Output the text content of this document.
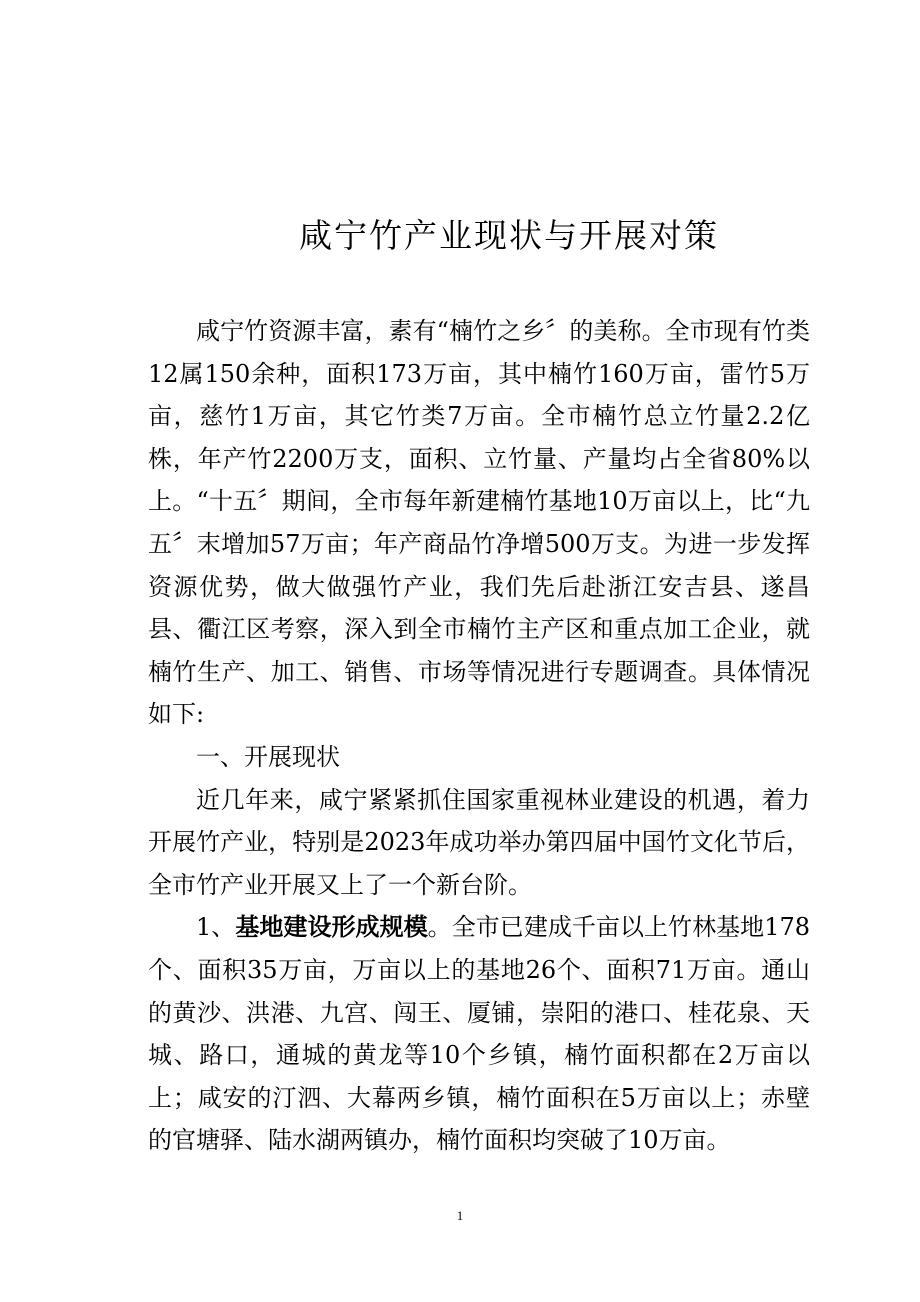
咸宁竹产业现状与开展对策

咸宁竹资源丰富，素有“楠竹之乡〞的美称。全市现有竹类12属150余种，面积173万亩，其中楠竹160万亩，雷竹5万亩，慈竹1万亩，其它竹类7万亩。全市楠竹总立竹量2.2亿株，年产竹2200万支，面积、立竹量、产量均占全省80%以上。“十五〞期间，全市每年新建楠竹基地10万亩以上，比“九五〞末增加57万亩；年产商品竹净增500万支。为进一步发挥资源优势，做大做强竹产业，我们先后赴浙江安吉县、遂昌县、衢江区考察，深入到全市楠竹主产区和重点加工企业，就楠竹生产、加工、销售、市场等情况进行专题调查。具体情况如下:

一、开展现状

近几年来，咸宁紧紧抓住国家重视林业建设的机遇，着力开展竹产业，特别是2023年成功举办第四届中国竹文化节后，全市竹产业开展又上了一个新台阶。

1、基地建设形成规模。全市已建成千亩以上竹林基地178个、面积35万亩，万亩以上的基地26个、面积71万亩。通山的黄沙、洪港、九宫、闯王、厦铺，崇阳的港口、桂花泉、天城、路口，通城的黄龙等10个乡镇，楠竹面积都在2万亩以上；咸安的汀泗、大幕两乡镇，楠竹面积在5万亩以上；赤壁的官塘驿、陆水湖两镇办，楠竹面积均突破了10万亩。

1
